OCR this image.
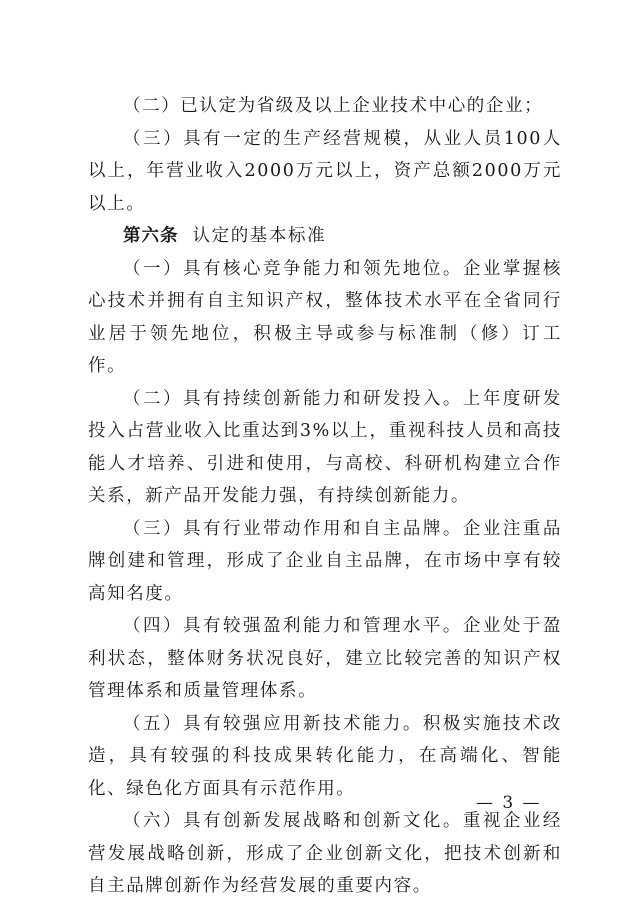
（二）已认定为省级及以上企业技术中心的企业；

（三）具有一定的生产经营规模，从业人员100人以上，年营业收入2000万元以上，资产总额2000万元以上。

第六条 认定的基本标准

（一）具有核心竞争能力和领先地位。企业掌握核心技术并拥有自主知识产权，整体技术水平在全省同行业居于领先地位，积极主导或参与标准制（修）订工作。

（二）具有持续创新能力和研发投入。上年度研发投入占营业收入比重达到3%以上，重视科技人员和高技能人才培养、引进和使用，与高校、科研机构建立合作关系，新产品开发能力强，有持续创新能力。

（三）具有行业带动作用和自主品牌。企业注重品牌创建和管理，形成了企业自主品牌，在市场中享有较高知名度。

（四）具有较强盈利能力和管理水平。企业处于盈利状态，整体财务状况良好，建立比较完善的知识产权管理体系和质量管理体系。

（五）具有较强应用新技术能力。积极实施技术改造，具有较强的科技成果转化能力，在高端化、智能化、绿色化方面具有示范作用。

（六）具有创新发展战略和创新文化。重视企业经营发展战略创新，形成了企业创新文化，把技术创新和自主品牌创新作为经营发展的重要内容。

— 3 —
